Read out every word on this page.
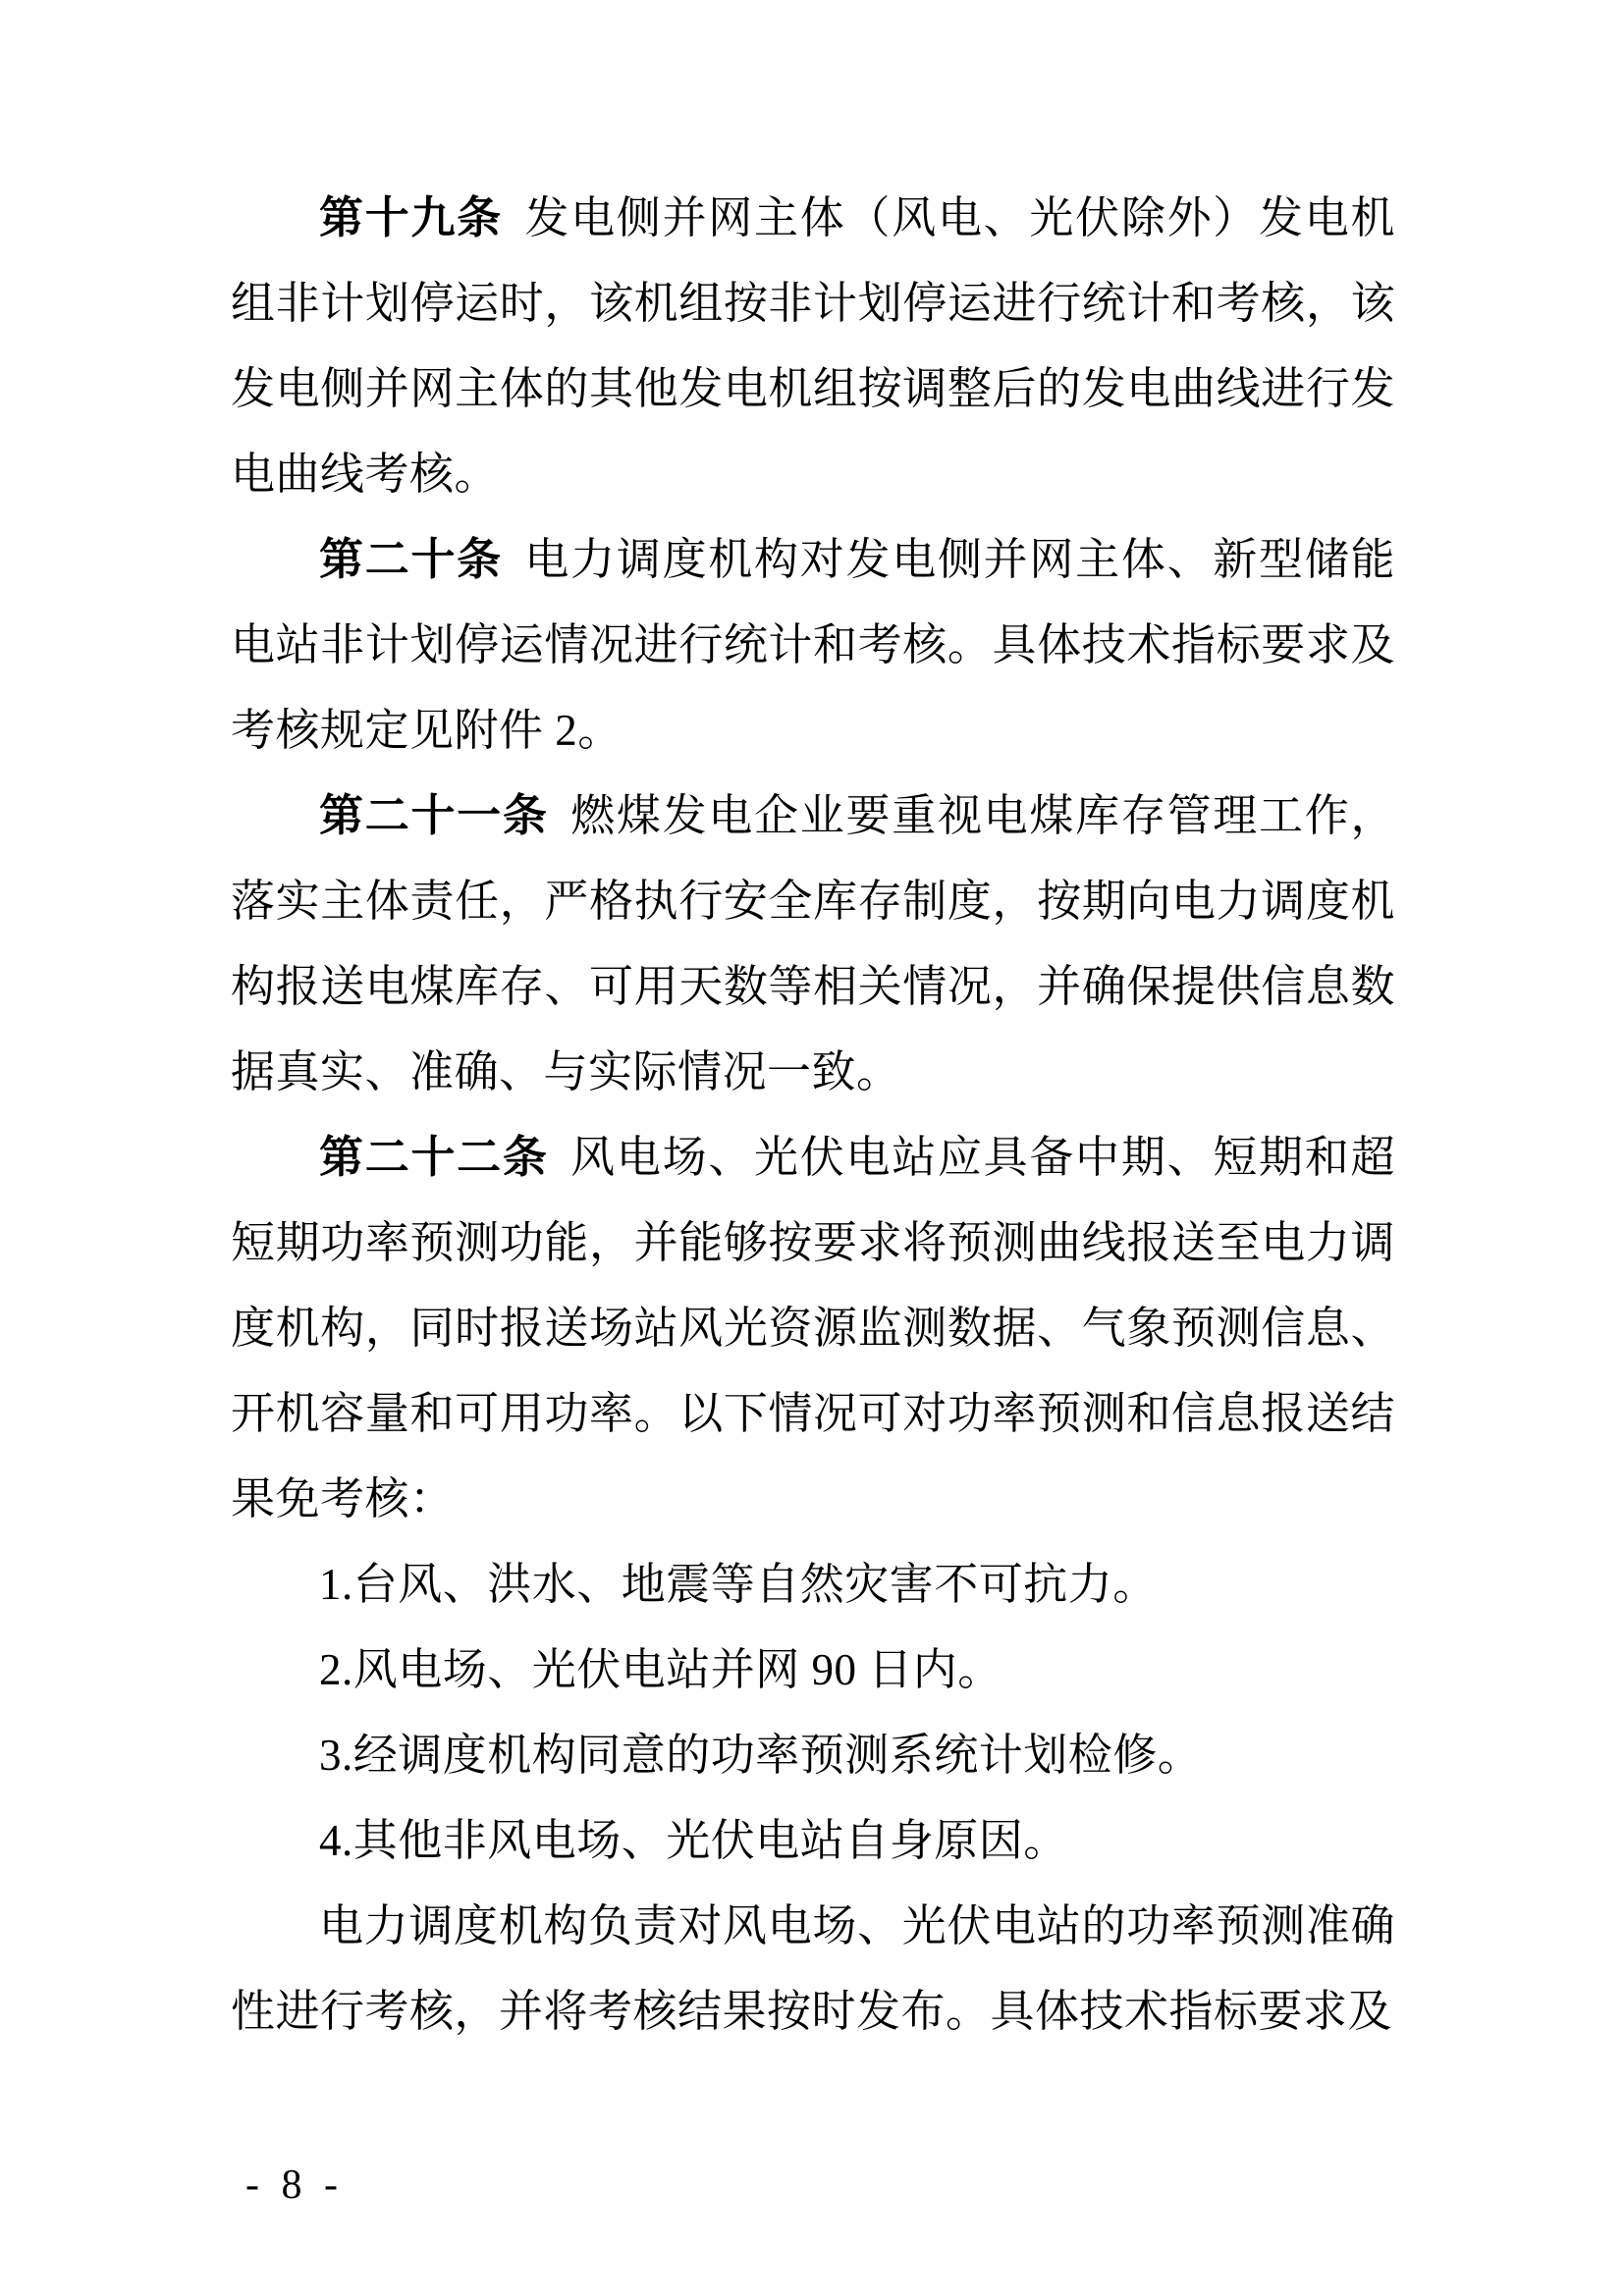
第十九条 发电侧并网主体（风电、光伏除外）发电机组非计划停运时，该机组按非计划停运进行统计和考核，该发电侧并网主体的其他发电机组按调整后的发电曲线进行发电曲线考核。

第二十条 电力调度机构对发电侧并网主体、新型储能电站非计划停运情况进行统计和考核。具体技术指标要求及考核规定见附件 2。

第二十一条 燃煤发电企业要重视电煤库存管理工作，落实主体责任，严格执行安全库存制度，按期向电力调度机构报送电煤库存、可用天数等相关情况，并确保提供信息数据真实、准确、与实际情况一致。

第二十二条 风电场、光伏电站应具备中期、短期和超短期功率预测功能，并能够按要求将预测曲线报送至电力调度机构，同时报送场站风光资源监测数据、气象预测信息、开机容量和可用功率。以下情况可对功率预测和信息报送结果免考核：

1.台风、洪水、地震等自然灾害不可抗力。

2.风电场、光伏电站并网 90 日内。

3.经调度机构同意的功率预测系统计划检修。

4.其他非风电场、光伏电站自身原因。

电力调度机构负责对风电场、光伏电站的功率预测准确性进行考核，并将考核结果按时发布。具体技术指标要求及

- 8 -
